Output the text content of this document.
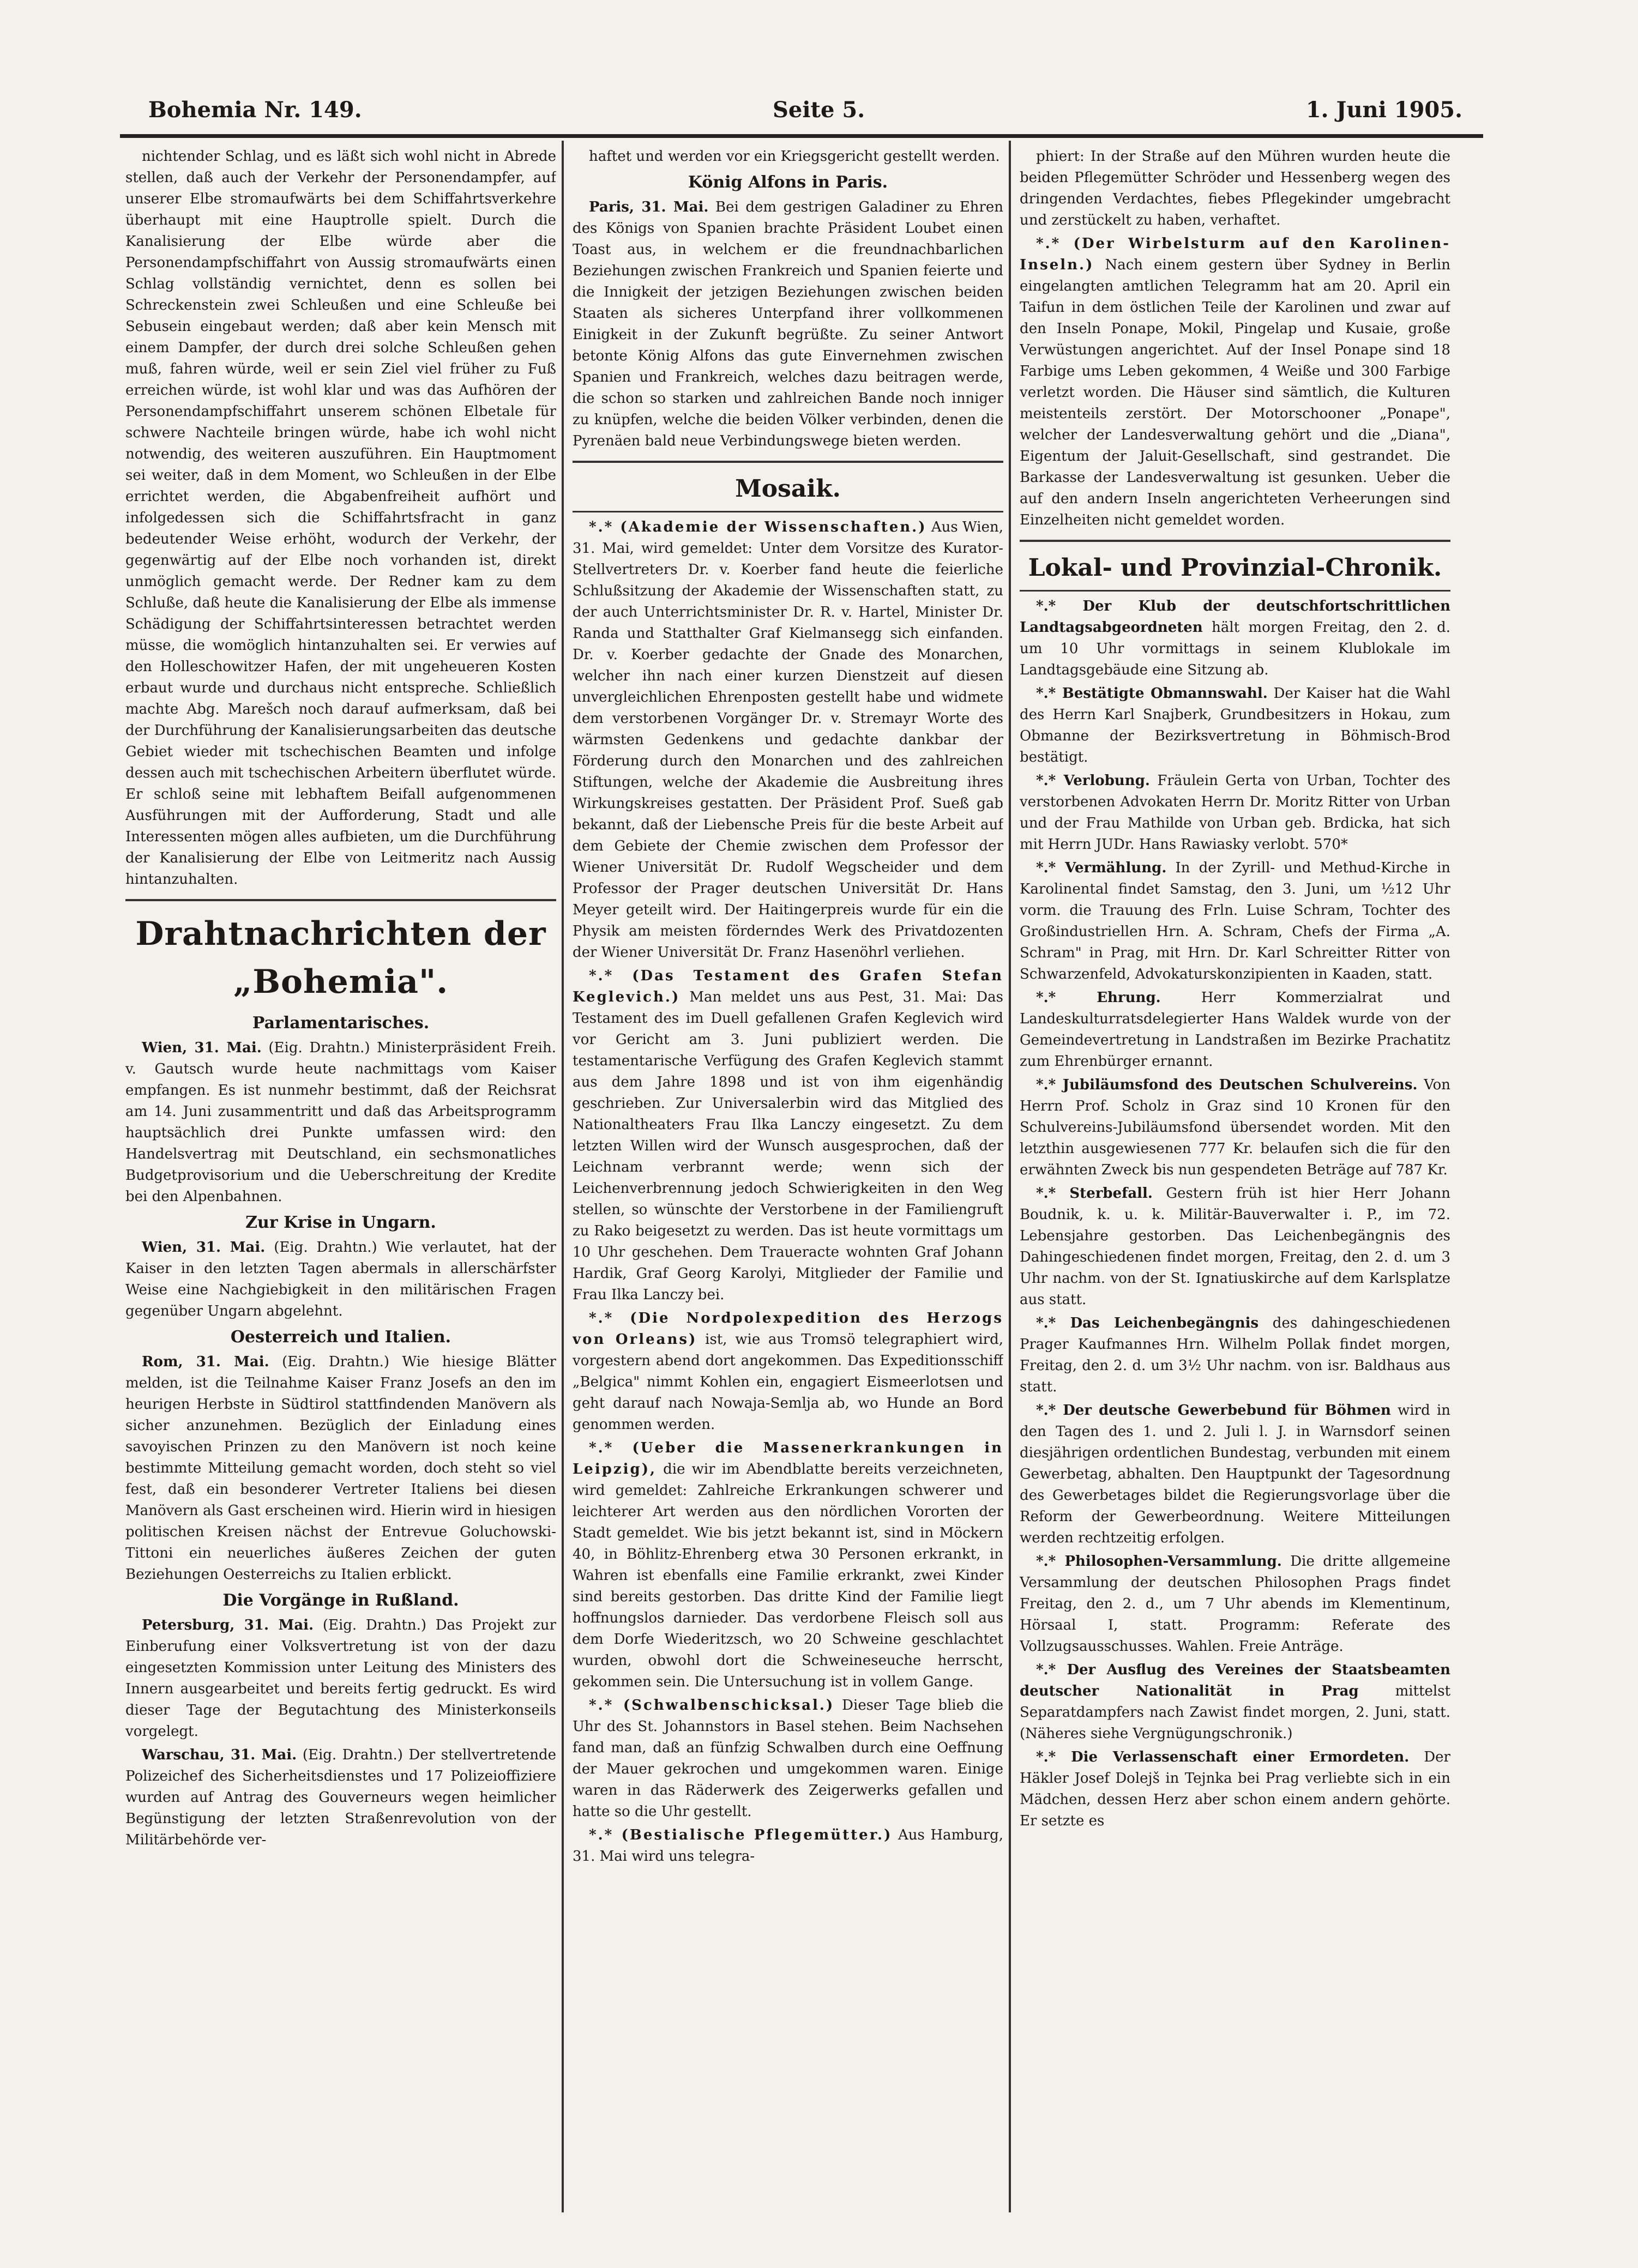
Bohemia Nr. 149.	Seite 5.	1. Juni 1905.

nichtender Schlag, und es läßt sich wohl nicht in Abrede stellen, daß auch der Verkehr der Personendampfer, auf unserer Elbe stromaufwärts bei dem Schiffahrtsverkehre überhaupt mit eine Hauptrolle spielt. Durch die Kanalisierung der Elbe würde aber die Personendampfschiffahrt von Aussig stromaufwärts einen Schlag vollständig vernichtet, denn es sollen bei Schreckenstein zwei Schleußen und eine Schleuße bei Sebusein eingebaut werden; daß aber kein Mensch mit einem Dampfer, der durch drei solche Schleußen gehen muß, fahren würde, weil er sein Ziel viel früher zu Fuß erreichen würde, ist wohl klar und was das Aufhören der Personendampfschiffahrt unserem schönen Elbetale für schwere Nachteile bringen würde, habe ich wohl nicht notwendig, des weiteren auszuführen. Ein Hauptmoment sei weiter, daß in dem Moment, wo Schleußen in der Elbe errichtet werden, die Abgabenfreiheit aufhört und infolgedessen sich die Schiffahrtsfracht in ganz bedeutender Weise erhöht, wodurch der Verkehr, der gegenwärtig auf der Elbe noch vorhanden ist, direkt unmöglich gemacht werde. Der Redner kam zu dem Schluße, daß heute die Kanalisierung der Elbe als immense Schädigung der Schiffahrtsinteressen betrachtet werden müsse, die womöglich hintanzuhalten sei. Er verwies auf den Holleschowitzer Hafen, der mit ungeheueren Kosten erbaut wurde und durchaus nicht entspreche. Schließlich machte Abg. Marešch noch darauf aufmerksam, daß bei der Durchführung der Kanalisierungsarbeiten das deutsche Gebiet wieder mit tschechischen Beamten und infolge dessen auch mit tschechischen Arbeitern überflutet würde. Er schloß seine mit lebhaftem Beifall aufgenommenen Ausführungen mit der Aufforderung, Stadt und alle Interessenten mögen alles aufbieten, um die Durchführung der Kanalisierung der Elbe von Leitmeritz nach Aussig hintanzuhalten.

Drahtnachrichten der „Bohemia".
Parlamentarisches.

Wien, 31. Mai. (Eig. Drahtn.) Ministerpräsident Freih. v. Gautsch wurde heute nachmittags vom Kaiser empfangen. Es ist nunmehr bestimmt, daß der Reichsrat am 14. Juni zusammentritt und daß das Arbeitsprogramm hauptsächlich drei Punkte umfassen wird: den Handelsvertrag mit Deutschland, ein sechsmonatliches Budgetprovisorium und die Ueberschreitung der Kredite bei den Alpenbahnen.

Zur Krise in Ungarn.

Wien, 31. Mai. (Eig. Drahtn.) Wie verlautet, hat der Kaiser in den letzten Tagen abermals in allerschärfster Weise eine Nachgiebigkeit in den militärischen Fragen gegenüber Ungarn abgelehnt.

Oesterreich und Italien.

Rom, 31. Mai. (Eig. Drahtn.) Wie hiesige Blätter melden, ist die Teilnahme Kaiser Franz Josefs an den im heurigen Herbste in Südtirol stattfindenden Manövern als sicher anzunehmen. Bezüglich der Einladung eines savoyischen Prinzen zu den Manövern ist noch keine bestimmte Mitteilung gemacht worden, doch steht so viel fest, daß ein besonderer Vertreter Italiens bei diesen Manövern als Gast erscheinen wird. Hierin wird in hiesigen politischen Kreisen nächst der Entrevue Goluchowski-Tittoni ein neuerliches äußeres Zeichen der guten Beziehungen Oesterreichs zu Italien erblickt.

Die Vorgänge in Rußland.

Petersburg, 31. Mai. (Eig. Drahtn.) Das Projekt zur Einberufung einer Volksvertretung ist von der dazu eingesetzten Kommission unter Leitung des Ministers des Innern ausgearbeitet und bereits fertig gedruckt. Es wird dieser Tage der Begutachtung des Ministerkonseils vorgelegt.

Warschau, 31. Mai. (Eig. Drahtn.) Der stellvertretende Polizeichef des Sicherheitsdienstes und 17 Polizeioffiziere wurden auf Antrag des Gouverneurs wegen heimlicher Begünstigung der letzten Straßenrevolution von der Militärbehörde ver-

haftet und werden vor ein Kriegsgericht gestellt werden.

König Alfons in Paris.

Paris, 31. Mai. Bei dem gestrigen Galadiner zu Ehren des Königs von Spanien brachte Präsident Loubet einen Toast aus, in welchem er die freundnachbarlichen Beziehungen zwischen Frankreich und Spanien feierte und die Innigkeit der jetzigen Beziehungen zwischen beiden Staaten als sicheres Unterpfand ihrer vollkommenen Einigkeit in der Zukunft begrüßte. Zu seiner Antwort betonte König Alfons das gute Einvernehmen zwischen Spanien und Frankreich, welches dazu beitragen werde, die schon so starken und zahlreichen Bande noch inniger zu knüpfen, welche die beiden Völker verbinden, denen die Pyrenäen bald neue Verbindungswege bieten werden.

Mosaik.

*.* (Akademie der Wissenschaften.) Aus Wien, 31. Mai, wird gemeldet: Unter dem Vorsitze des Kurator-Stellvertreters Dr. v. Koerber fand heute die feierliche Schlußsitzung der Akademie der Wissenschaften statt, zu der auch Unterrichtsminister Dr. R. v. Hartel, Minister Dr. Randa und Statthalter Graf Kielmansegg sich einfanden. Dr. v. Koerber gedachte der Gnade des Monarchen, welcher ihn nach einer kurzen Dienstzeit auf diesen unvergleichlichen Ehrenposten gestellt habe und widmete dem verstorbenen Vorgänger Dr. v. Stremayr Worte des wärmsten Gedenkens und gedachte dankbar der Förderung durch den Monarchen und des zahlreichen Stiftungen, welche der Akademie die Ausbreitung ihres Wirkungskreises gestatten. Der Präsident Prof. Sueß gab bekannt, daß der Liebensche Preis für die beste Arbeit auf dem Gebiete der Chemie zwischen dem Professor der Wiener Universität Dr. Rudolf Wegscheider und dem Professor der Prager deutschen Universität Dr. Hans Meyer geteilt wird. Der Haitingerpreis wurde für ein die Physik am meisten förderndes Werk des Privatdozenten der Wiener Universität Dr. Franz Hasenöhrl verliehen.

*.* (Das Testament des Grafen Stefan Keglevich.) Man meldet uns aus Pest, 31. Mai: Das Testament des im Duell gefallenen Grafen Keglevich wird vor Gericht am 3. Juni publiziert werden. Die testamentarische Verfügung des Grafen Keglevich stammt aus dem Jahre 1898 und ist von ihm eigenhändig geschrieben. Zur Universalerbin wird das Mitglied des Nationaltheaters Frau Ilka Lanczy eingesetzt. Zu dem letzten Willen wird der Wunsch ausgesprochen, daß der Leichnam verbrannt werde; wenn sich der Leichenverbrennung jedoch Schwierigkeiten in den Weg stellen, so wünschte der Verstorbene in der Familiengruft zu Rako beigesetzt zu werden. Das ist heute vormittags um 10 Uhr geschehen. Dem Traueracte wohnten Graf Johann Hardik, Graf Georg Karolyi, Mitglieder der Familie und Frau Ilka Lanczy bei.

*.* (Die Nordpolexpedition des Herzogs von Orleans) ist, wie aus Tromsö telegraphiert wird, vorgestern abend dort angekommen. Das Expeditionsschiff „Belgica" nimmt Kohlen ein, engagiert Eismeerlotsen und geht darauf nach Nowaja-Semlja ab, wo Hunde an Bord genommen werden.

*.* (Ueber die Massenerkrankungen in Leipzig), die wir im Abendblatte bereits verzeichneten, wird gemeldet: Zahlreiche Erkrankungen schwerer und leichterer Art werden aus den nördlichen Vororten der Stadt gemeldet. Wie bis jetzt bekannt ist, sind in Möckern 40, in Böhlitz-Ehrenberg etwa 30 Personen erkrankt, in Wahren ist ebenfalls eine Familie erkrankt, zwei Kinder sind bereits gestorben. Das dritte Kind der Familie liegt hoffnungslos darnieder. Das verdorbene Fleisch soll aus dem Dorfe Wiederitzsch, wo 20 Schweine geschlachtet wurden, obwohl dort die Schweineseuche herrscht, gekommen sein. Die Untersuchung ist in vollem Gange.

*.* (Schwalbenschicksal.) Dieser Tage blieb die Uhr des St. Johannstors in Basel stehen. Beim Nachsehen fand man, daß an fünfzig Schwalben durch eine Oeffnung der Mauer gekrochen und umgekommen waren. Einige waren in das Räderwerk des Zeigerwerks gefallen und hatte so die Uhr gestellt.

*.* (Bestialische Pflegemütter.) Aus Hamburg, 31. Mai wird uns telegra-

phiert: In der Straße auf den Mühren wurden heute die beiden Pflegemütter Schröder und Hessenberg wegen des dringenden Verdachtes, fiebes Pflegekinder umgebracht und zerstückelt zu haben, verhaftet.

*.* (Der Wirbelsturm auf den Karolinen-Inseln.) Nach einem gestern über Sydney in Berlin eingelangten amtlichen Telegramm hat am 20. April ein Taifun in dem östlichen Teile der Karolinen und zwar auf den Inseln Ponape, Mokil, Pingelap und Kusaie, große Verwüstungen angerichtet. Auf der Insel Ponape sind 18 Farbige ums Leben gekommen, 4 Weiße und 300 Farbige verletzt worden. Die Häuser sind sämtlich, die Kulturen meistenteils zerstört. Der Motorschooner „Ponape", welcher der Landesverwaltung gehört und die „Diana", Eigentum der Jaluit-Gesellschaft, sind gestrandet. Die Barkasse der Landesverwaltung ist gesunken. Ueber die auf den andern Inseln angerichteten Verheerungen sind Einzelheiten nicht gemeldet worden.

Lokal- und Provinzial-Chronik.

*.* Der Klub der deutschfortschrittlichen Landtagsabgeordneten hält morgen Freitag, den 2. d. um 10 Uhr vormittags in seinem Klublokale im Landtagsgebäude eine Sitzung ab.

*.* Bestätigte Obmannswahl. Der Kaiser hat die Wahl des Herrn Karl Snajberk, Grundbesitzers in Hokau, zum Obmanne der Bezirksvertretung in Böhmisch-Brod bestätigt.

*.* Verlobung. Fräulein Gerta von Urban, Tochter des verstorbenen Advokaten Herrn Dr. Moritz Ritter von Urban und der Frau Mathilde von Urban geb. Brdicka, hat sich mit Herrn JUDr. Hans Rawiasky verlobt. 570*

*.* Vermählung. In der Zyrill- und Methud-Kirche in Karolinental findet Samstag, den 3. Juni, um ½12 Uhr vorm. die Trauung des Frln. Luise Schram, Tochter des Großindustriellen Hrn. A. Schram, Chefs der Firma „A. Schram" in Prag, mit Hrn. Dr. Karl Schreitter Ritter von Schwarzenfeld, Advokaturskonzipienten in Kaaden, statt.

*.* Ehrung.	Herr Kommerzialrat und Landeskulturratsdelegierter Hans Waldek wurde von der Gemeindevertretung in Landstraßen im Bezirke Prachatitz zum Ehrenbürger ernannt.

*.* Jubiläumsfond des Deutschen Schulvereins. Von Herrn Prof. Scholz in Graz sind 10 Kronen für den Schulvereins-Jubiläumsfond übersendet worden. Mit den letzthin ausgewiesenen 777 Kr. belaufen sich die für den erwähnten Zweck bis nun gespendeten Beträge auf 787 Kr.

*.* Sterbefall. Gestern früh ist hier Herr Johann Boudnik, k. u. k. Militär-Bauverwalter i. P., im 72. Lebensjahre gestorben. Das Leichenbegängnis des Dahingeschiedenen findet morgen, Freitag, den 2. d. um 3 Uhr nachm. von der St. Ignatiuskirche auf dem Karlsplatze aus statt.

*.* Das Leichenbegängnis des dahingeschiedenen Prager Kaufmannes Hrn. Wilhelm Pollak findet morgen, Freitag, den 2. d. um 3½ Uhr nachm. von isr. Baldhaus aus statt.

*.* Der deutsche Gewerbebund für Böhmen wird in den Tagen des 1. und 2. Juli l. J. in Warnsdorf seinen diesjährigen ordentlichen Bundestag, verbunden mit einem Gewerbetag, abhalten. Den Hauptpunkt der Tagesordnung des Gewerbetages bildet die Regierungsvorlage über die Reform der Gewerbeordnung. Weitere Mitteilungen werden rechtzeitig erfolgen.

*.* Philosophen-Versammlung. Die dritte allgemeine Versammlung der deutschen Philosophen Prags findet Freitag, den 2. d., um 7 Uhr abends im Klementinum, Hörsaal I, statt. Programm: Referate des Vollzugsausschusses. Wahlen. Freie Anträge.

*.* Der Ausflug des Vereines der Staatsbeamten deutscher Nationalität in Prag	mittelst Separatdampfers nach Zawist findet morgen, 2. Juni, statt. (Näheres siehe Vergnügungschronik.)

*.* Die Verlassenschaft einer Ermordeten. Der Häkler Josef Dolejš in Tejnka bei Prag verliebte sich in ein Mädchen, dessen Herz aber schon einem andern gehörte. Er setzte es
